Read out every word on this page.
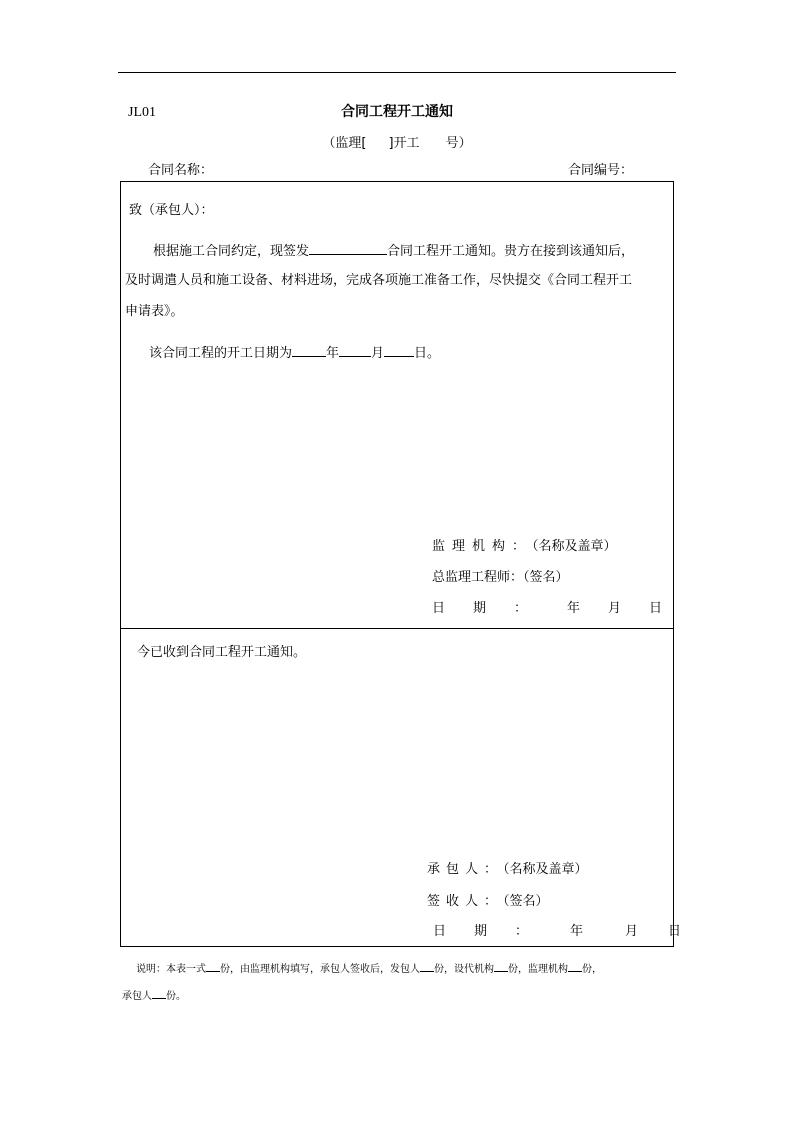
JL01	合同工程开工通知
（监理[ ]开工 号）
合同名称：	合同编号：
致（承包人）：
根据施工合同约定，现签发	合同工程开工通知。贵方在接到该通知后，
及时调遣人员和施工设备、材料进场，完成各项施工准备工作，尽快提交《合同工程开工
申请表》。
该合同工程的开工日期为	年 月 日。
监理机构：（名称及盖章）
总监理工程师：（签名）
日期： 年 月 日
今已收到合同工程开工通知。
承包人：（名称及盖章）
签收人：（签名）
日期： 年	月 日
说明：本表一式 份，由监理机构填写，承包人签收后，发包人 份，设代机构 份，监理机构 份，
承包人 份。
